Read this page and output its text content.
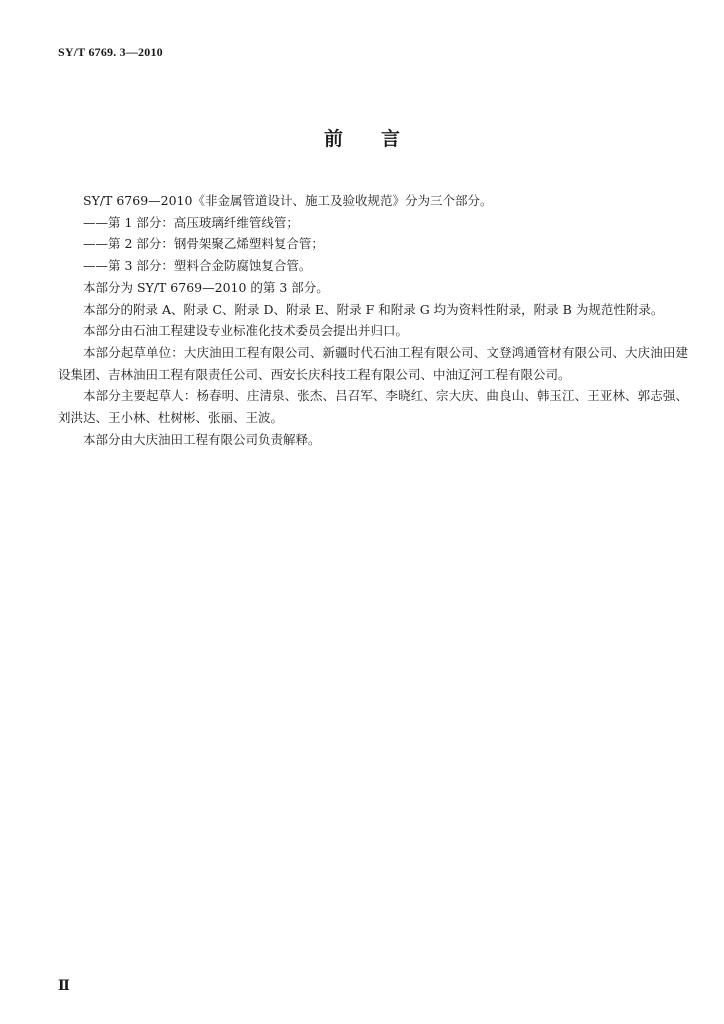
SY/T 6769. 3—2010
前言

SY/T 6769—2010《非金属管道设计、施工及验收规范》分为三个部分。

——第 1 部分：高压玻璃纤维管线管；

——第 2 部分：钢骨架聚乙烯塑料复合管；

——第 3 部分：塑料合金防腐蚀复合管。

本部分为 SY/T 6769—2010 的第 3 部分。

本部分的附录 A、附录 C、附录 D、附录 E、附录 F 和附录 G 均为资料性附录，附录 B 为规范性附录。

本部分由石油工程建设专业标准化技术委员会提出并归口。

本部分起草单位：大庆油田工程有限公司、新疆时代石油工程有限公司、文登鸿通管材有限公司、大庆油田建设集团、吉林油田工程有限责任公司、西安长庆科技工程有限公司、中油辽河工程有限公司。

本部分主要起草人：杨春明、庄清泉、张杰、吕召军、李晓红、宗大庆、曲良山、韩玉江、王亚林、郭志强、刘洪达、王小林、杜树彬、张丽、王波。

本部分由大庆油田工程有限公司负责解释。

Ⅱ
